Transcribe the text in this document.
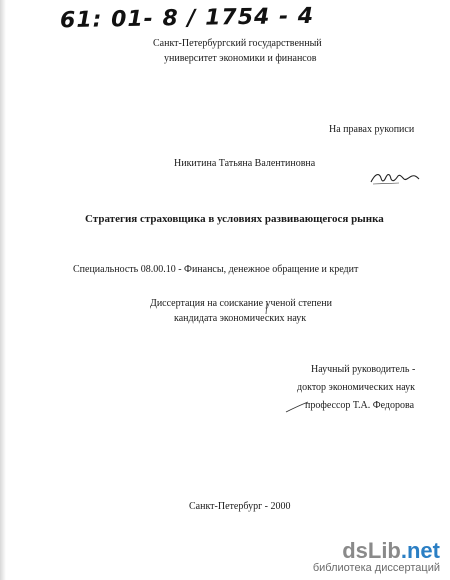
61: 01- 8 / 1754 - 4
Санкт-Петербургский государственный
университет экономики и финансов
На правах рукописи
Никитина Татьяна Валентиновна
Стратегия страховщика в условиях развивающегося рынка
Специальность 08.00.10 - Финансы, денежное обращение и кредит
Диссертация на соискание ученой степени
кандидата экономических наук
Научный руководитель -
доктор экономических наук
профессор Т.А. Федорова
Санкт-Петербург - 2000
dsLib .net
библиотека диссертаций
